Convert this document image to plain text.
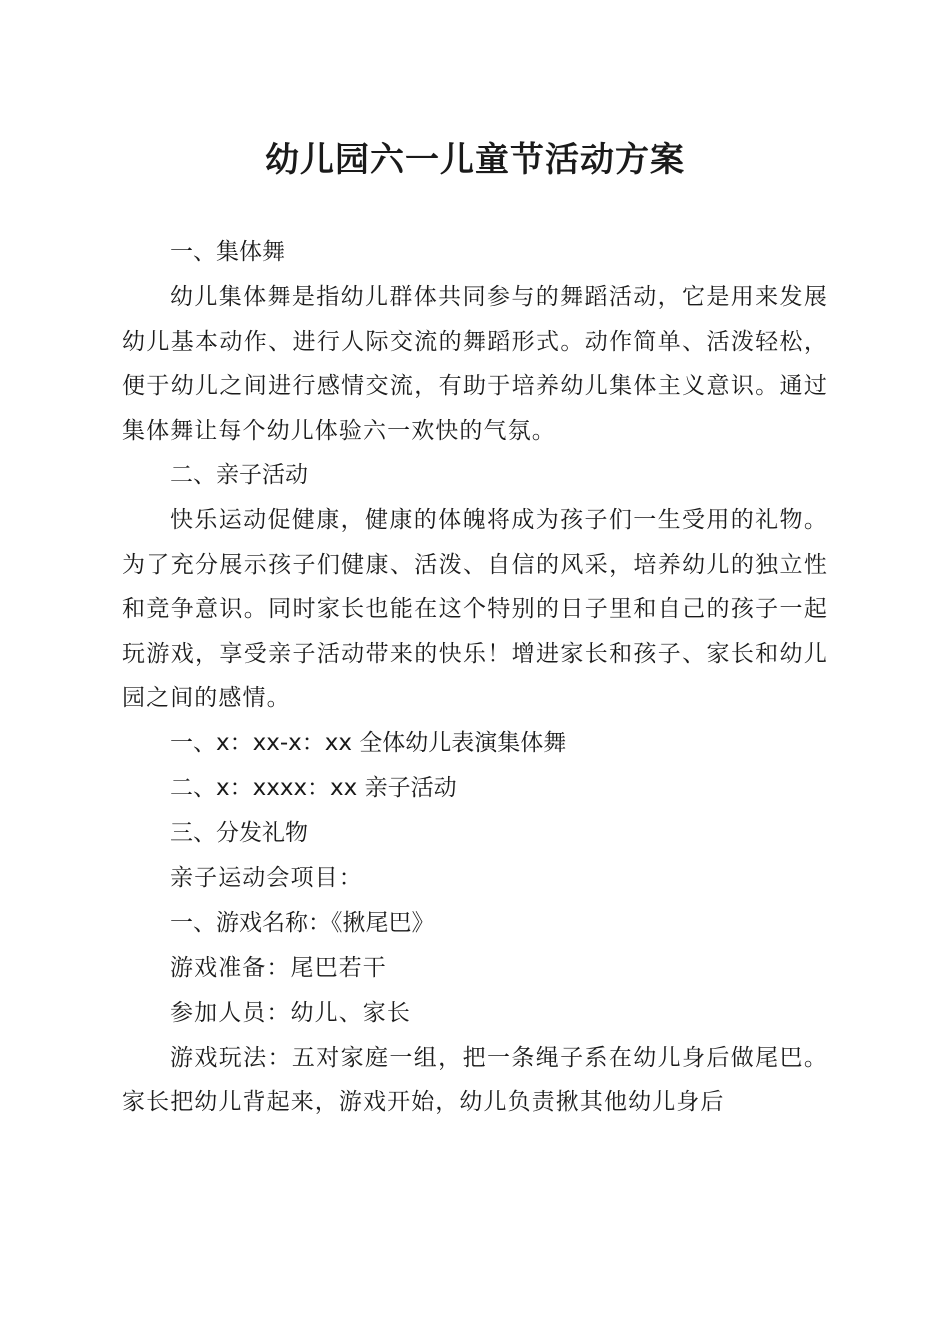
幼儿园六一儿童节活动方案

一、集体舞

幼儿集体舞是指幼儿群体共同参与的舞蹈活动，它是用来发展幼儿基本动作、进行人际交流的舞蹈形式。动作简单、活泼轻松，便于幼儿之间进行感情交流，有助于培养幼儿集体主义意识。通过集体舞让每个幼儿体验六一欢快的气氛。

二、亲子活动

快乐运动促健康，健康的体魄将成为孩子们一生受用的礼物。为了充分展示孩子们健康、活泼、自信的风采，培养幼儿的独立性和竞争意识。同时家长也能在这个特别的日子里和自己的孩子一起玩游戏，享受亲子活动带来的快乐！增进家长和孩子、家长和幼儿园之间的感情。

一、x：xx-x：xx 全体幼儿表演集体舞

二、x：xxxx：xx 亲子活动

三、分发礼物

亲子运动会项目：

一、游戏名称：《揪尾巴》

游戏准备：尾巴若干

参加人员：幼儿、家长

游戏玩法：五对家庭一组，把一条绳子系在幼儿身后做尾巴。家长把幼儿背起来，游戏开始，幼儿负责揪其他幼儿身后
